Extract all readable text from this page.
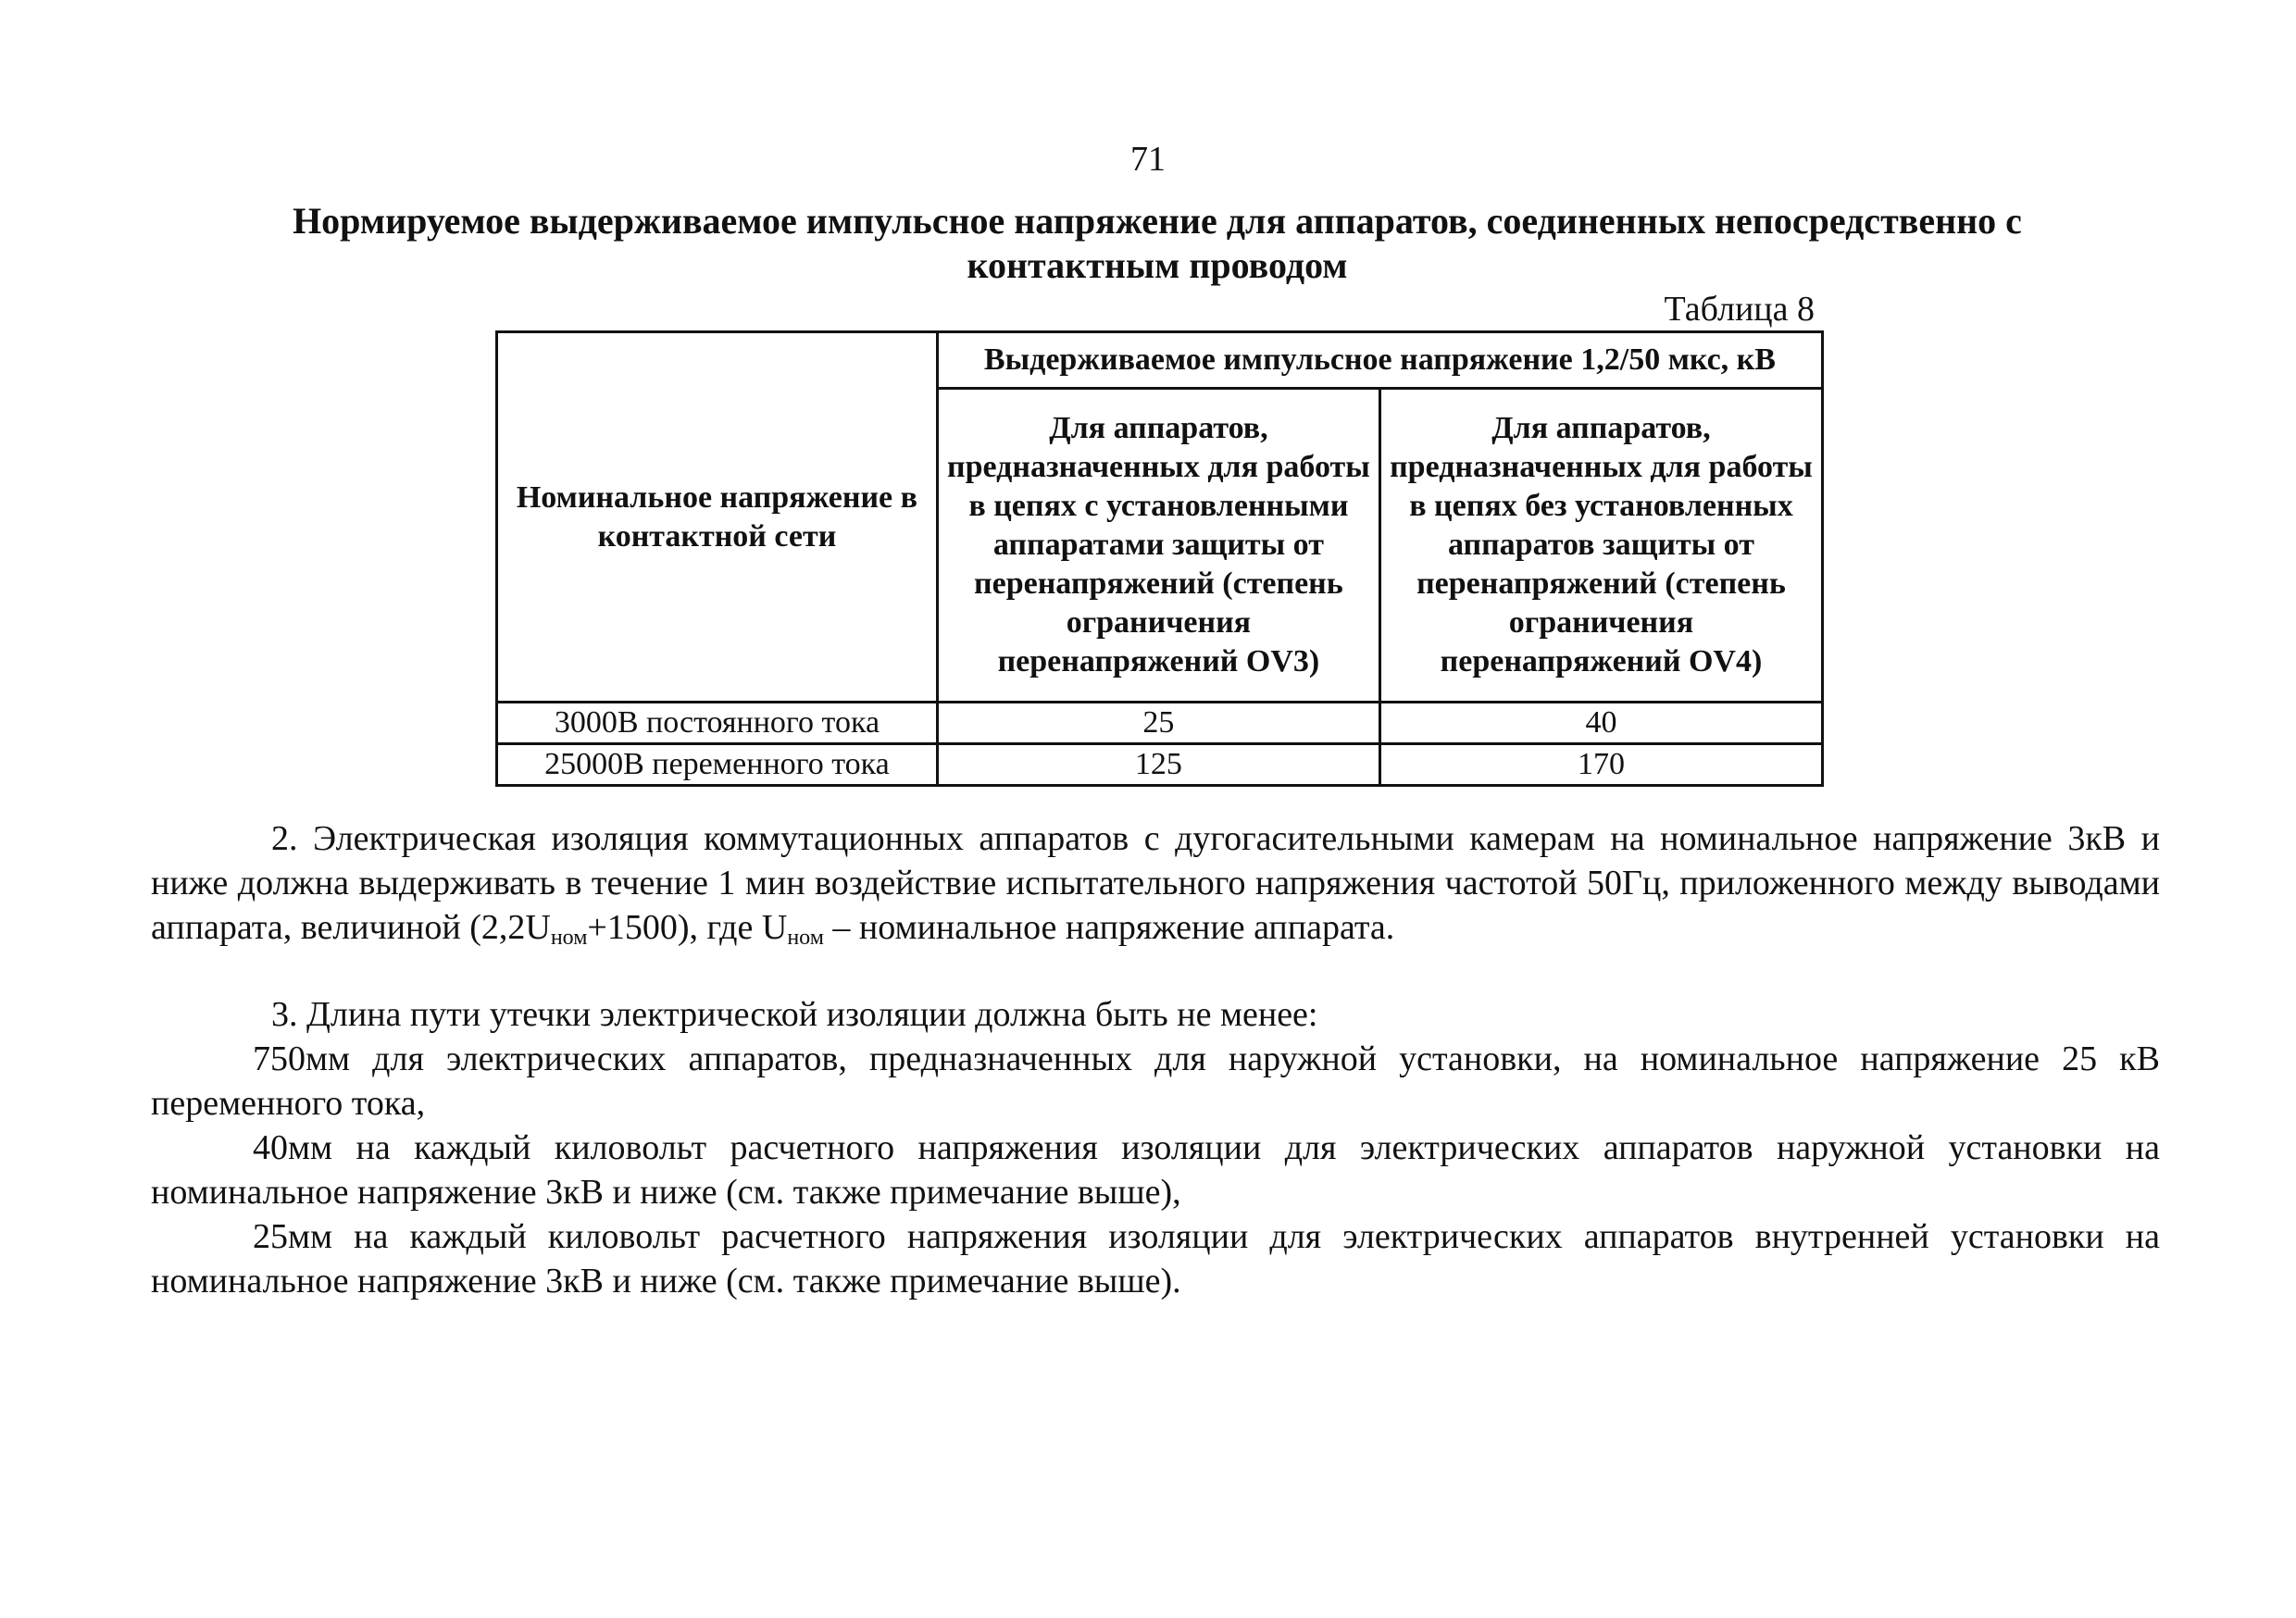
71
Нормируемое выдерживаемое импульсное напряжение для аппаратов, соединенных непосредственно с контактным проводом
Таблица 8
Номинальное напряжение в контактной сети	Выдерживаемое импульсное напряжение 1,2/50 мкс, кВ	
	Для аппаратов, предназначенных для работы в цепях с установленными аппаратами защиты от перенапряжений (степень ограничения перенапряжений OV3)	Для аппаратов, предназначенных для работы в цепях без установленных аппаратов защиты от перенапряжений (степень ограничения перенапряжений OV4)
3000В постоянного тока	25	40
25000В переменного тока	125	170
2. Электрическая изоляция коммутационных аппаратов с дугогасительными камерам на номинальное напряжение 3кВ и ниже должна выдерживать в течение 1 мин воздействие испытательного напряжения частотой 50Гц, приложенного между выводами аппарата, величиной $(2,2U_{ном}+1500)$, где $U_{ном}$ – номинальное напряжение аппарата.
3. Длина пути утечки электрической изоляции должна быть не менее:
750мм для электрических аппаратов, предназначенных для наружной установки, на номинальное напряжение 25 кВ переменного тока,
40мм на каждый киловольт расчетного напряжения изоляции для электрических аппаратов наружной установки на номинальное напряжение 3кВ и ниже (см. также примечание выше),
25мм на каждый киловольт расчетного напряжения изоляции для электрических аппаратов внутренней установки на номинальное напряжение 3кВ и ниже (см. также примечание выше).
